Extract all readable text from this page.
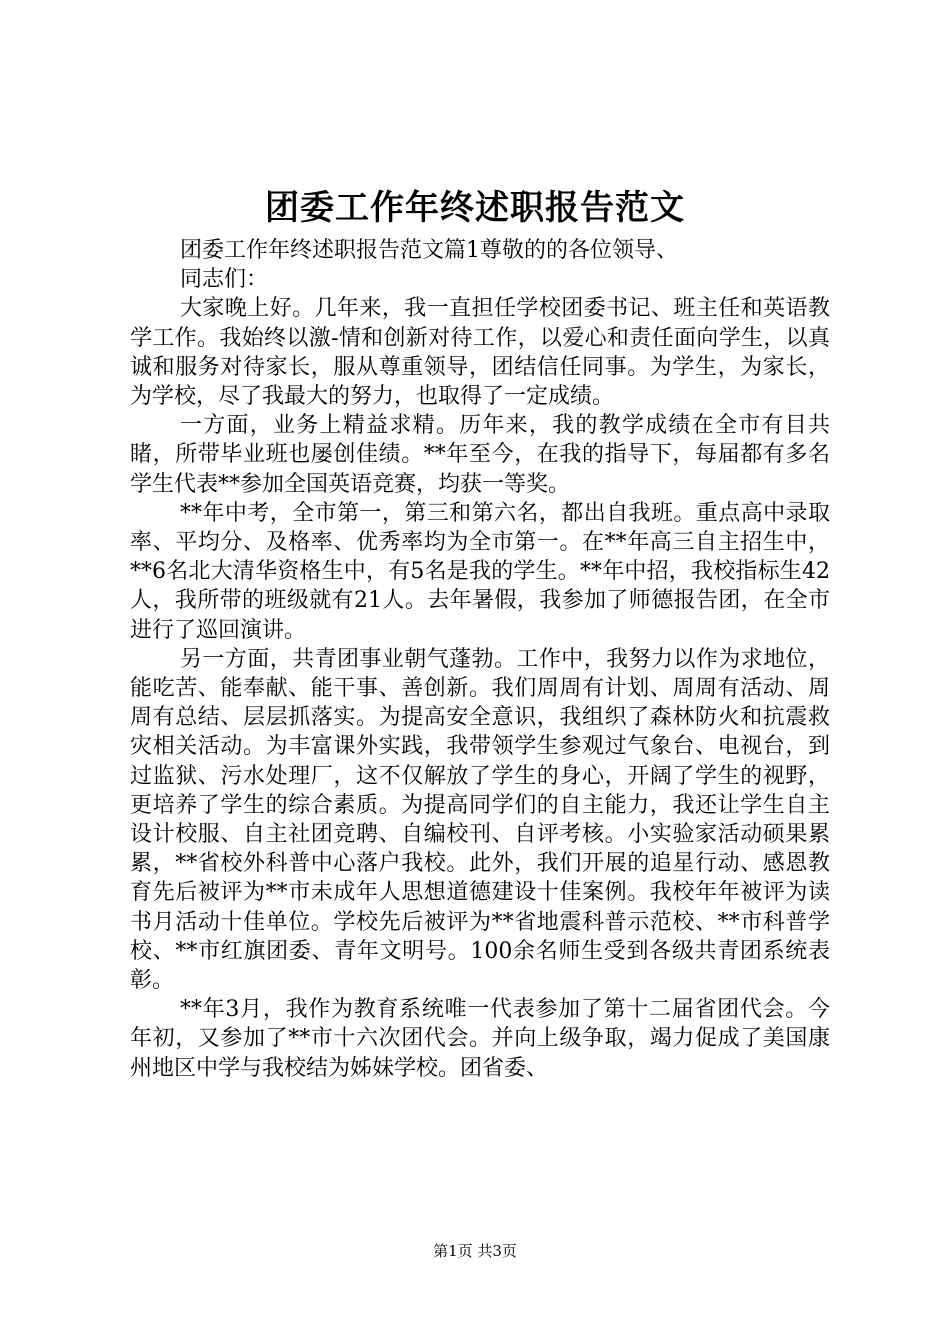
团委工作年终述职报告范文

团委工作年终述职报告范文篇1尊敬的的各位领导、

同志们：

大家晚上好。几年来，我一直担任学校团委书记、班主任和英语教学工作。我始终以激-情和创新对待工作，以爱心和责任面向学生，以真诚和服务对待家长，服从尊重领导，团结信任同事。为学生，为家长，为学校，尽了我最大的努力，也取得了一定成绩。

一方面，业务上精益求精。历年来，我的教学成绩在全市有目共睹，所带毕业班也屡创佳绩。**年至今，在我的指导下，每届都有多名学生代表**参加全国英语竞赛，均获一等奖。

**年中考，全市第一，第三和第六名，都出自我班。重点高中录取率、平均分、及格率、优秀率均为全市第一。在**年高三自主招生中，**6名北大清华资格生中，有5名是我的学生。**年中招，我校指标生42人，我所带的班级就有21人。去年暑假，我参加了师德报告团，在全市进行了巡回演讲。

另一方面，共青团事业朝气蓬勃。工作中，我努力以作为求地位，能吃苦、能奉献、能干事、善创新。我们周周有计划、周周有活动、周周有总结、层层抓落实。为提高安全意识，我组织了森林防火和抗震救灾相关活动。为丰富课外实践，我带领学生参观过气象台、电视台，到过监狱、污水处理厂，这不仅解放了学生的身心，开阔了学生的视野，更培养了学生的综合素质。为提高同学们的自主能力，我还让学生自主设计校服、自主社团竞聘、自编校刊、自评考核。小实验家活动硕果累累，**省校外科普中心落户我校。此外，我们开展的追星行动、感恩教育先后被评为**市未成年人思想道德建设十佳案例。我校年年被评为读书月活动十佳单位。学校先后被评为**省地震科普示范校、**市科普学校、**市红旗团委、青年文明号。100余名师生受到各级共青团系统表彰。

**年3月，我作为教育系统唯一代表参加了第十二届省团代会。今年初，又参加了**市十六次团代会。并向上级争取，竭力促成了美国康州地区中学与我校结为姊妹学校。团省委、

第1页 共3页
